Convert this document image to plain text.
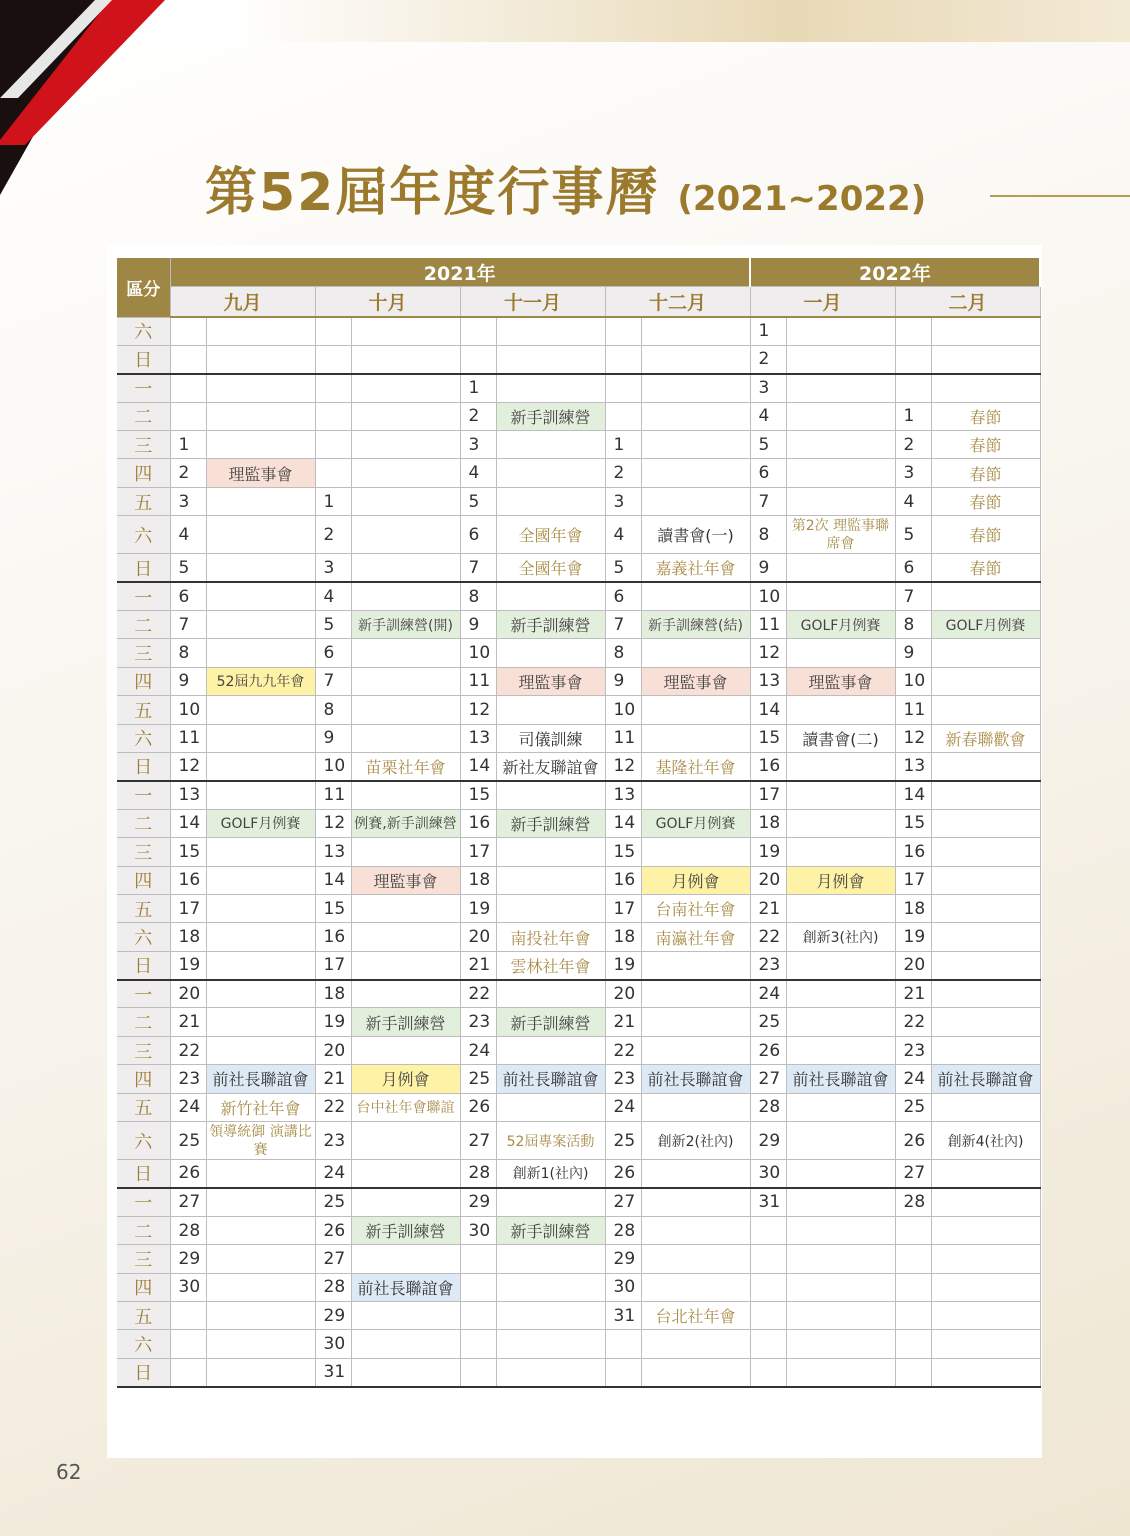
第52屆年度行事曆 (2021~2022)
區分	2021年								2022年			
	九月		十月		十一月		十二月		一月		二月	
六									1			
日									2			
一					1				3			
二					2	新手訓練營			4		1	春節
三	1				3		1		5		2	春節
四	2	理監事會			4		2		6		3	春節
五	3		1		5		3		7		4	春節
六	4		2		6	全國年會	4	讀書會(一)	8	第2次 理監事聯席會	5	春節
日	5		3		7	全國年會	5	嘉義社年會	9		6	春節
一	6		4		8		6		10		7	
二	7		5	新手訓練營(開)	9	新手訓練營	7	新手訓練營(結)	11	GOLF月例賽	8	GOLF月例賽
三	8		6		10		8		12		9	
四	9	52屆九九年會	7		11	理監事會	9	理監事會	13	理監事會	10	
五	10		8		12		10		14		11	
六	11		9		13	司儀訓練	11		15	讀書會(二)	12	新春聯歡會
日	12		10	苗栗社年會	14	新社友聯誼會	12	基隆社年會	16		13	
一	13		11		15		13		17		14	
二	14	GOLF月例賽	12	例賽,新手訓練營	16	新手訓練營	14	GOLF月例賽	18		15	
三	15		13		17		15		19		16	
四	16		14	理監事會	18		16	月例會	20	月例會	17	
五	17		15		19		17	台南社年會	21		18	
六	18		16		20	南投社年會	18	南瀛社年會	22	創新3(社內)	19	
日	19		17		21	雲林社年會	19		23		20	
一	20		18		22		20		24		21	
二	21		19	新手訓練營	23	新手訓練營	21		25		22	
三	22		20		24		22		26		23	
四	23	前社長聯誼會	21	月例會	25	前社長聯誼會	23	前社長聯誼會	27	前社長聯誼會	24	前社長聯誼會
五	24	新竹社年會	22	台中社年會聯誼	26		24		28		25	
六	25	領導統御 演講比賽	23		27	52屆專案活動	25	創新2(社內)	29		26	創新4(社內)
日	26		24		28	創新1(社內)	26		30		27	
一	27		25		29		27		31		28	
二	28		26	新手訓練營	30	新手訓練營	28					
三	29		27				29					
四	30		28	前社長聯誼會			30					
五			29				31	台北社年會				
六			30									
日			31									
62
